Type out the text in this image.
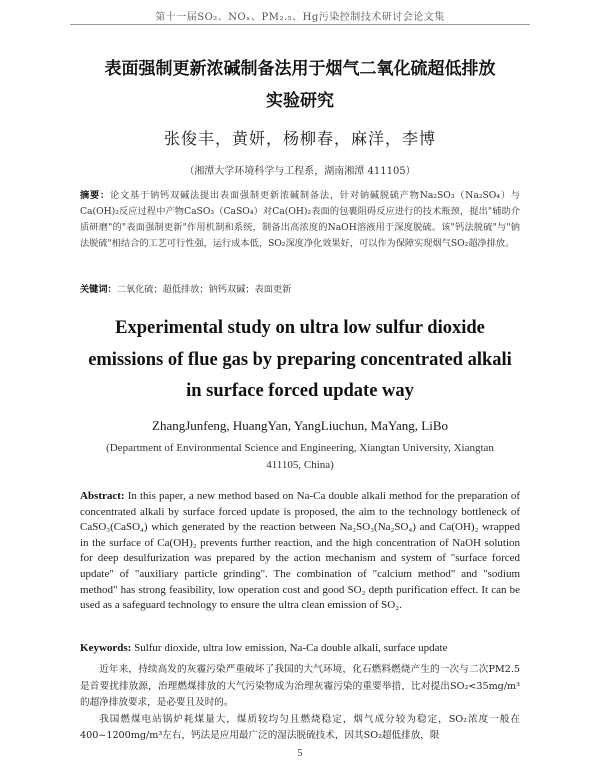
第十一届SO₂、NOₓ、PM₂.₅、Hg污染控制技术研讨会论文集
表面强制更新浓碱制备法用于烟气二氧化硫超低排放
实验研究
张俊丰，黄妍，杨柳春，麻洋，李博
（湘潭大学环境科学与工程系，湖南湘潭 411105）
摘要：论文基于钠钙双碱法提出表面强制更新浓碱制备法，针对钠碱脱硫产物Na₂SO₃（Na₂SO₄）与Ca(OH)₂反应过程中产物CaSO₃（CaSO₄）对Ca(OH)₂表面的包裹阻碍反应进行的技术瓶颈，提出"辅助介质研磨"的"表面强制更新"作用机制和系统，制备出高浓度的NaOH溶液用于深度脱硫。该"钙法脱硫"与"钠法脱硫"相结合的工艺可行性强，运行成本低，SO₂深度净化效果好，可以作为保障实现烟气SO₂超净排放。
关键词：二氧化硫；超低排放；钠钙双碱；表面更新
Experimental study on ultra low sulfur dioxide
emissions of flue gas by preparing concentrated alkali
in surface forced update way
ZhangJunfeng, HuangYan, YangLiuchun, MaYang, LiBo
(Department of Environmental Science and Engineering, Xiangtan University, Xiangtan 411105, China)
Abstract: In this paper, a new method based on Na-Ca double alkali method for the preparation of concentrated alkali by surface forced update is proposed, the aim to the technology bottleneck of CaSO₃(CaSO₄) which generated by the reaction between Na₂SO₃(Na₂SO₄) and Ca(OH)₂ wrapped in the surface of Ca(OH)₂ prevents further reaction, and the high concentration of NaOH solution for deep desulfurization was prepared by the action mechanism and system of "surface forced update" of "auxiliary particle grinding". The combination of "calcium method" and "sodium method" has strong feasibility, low operation cost and good SO₂ depth purification effect. It can be used as a safeguard technology to ensure the ultra clean emission of SO₂.
Keywords: Sulfur dioxide, ultra low emission, Na-Ca double alkali, surface update

近年来，持续高发的灰霾污染严重破坏了我国的大气环境，化石燃料燃烧产生的一次与二次PM2.5是首要扰排放源，治理燃煤排放的大气污染物成为治理灰霾污染的重要举措，比对提出SO₂<35mg/m³的超净排放要求，是必要且及时的。

我国燃煤电站锅炉耗煤量大，煤质较均匀且燃烧稳定，烟气成分较为稳定，SO₂浓度一般在400~1200mg/m³左右，钙法是应用最广泛的湿法脱硫技术，因其SO₂超低排放，限

5
